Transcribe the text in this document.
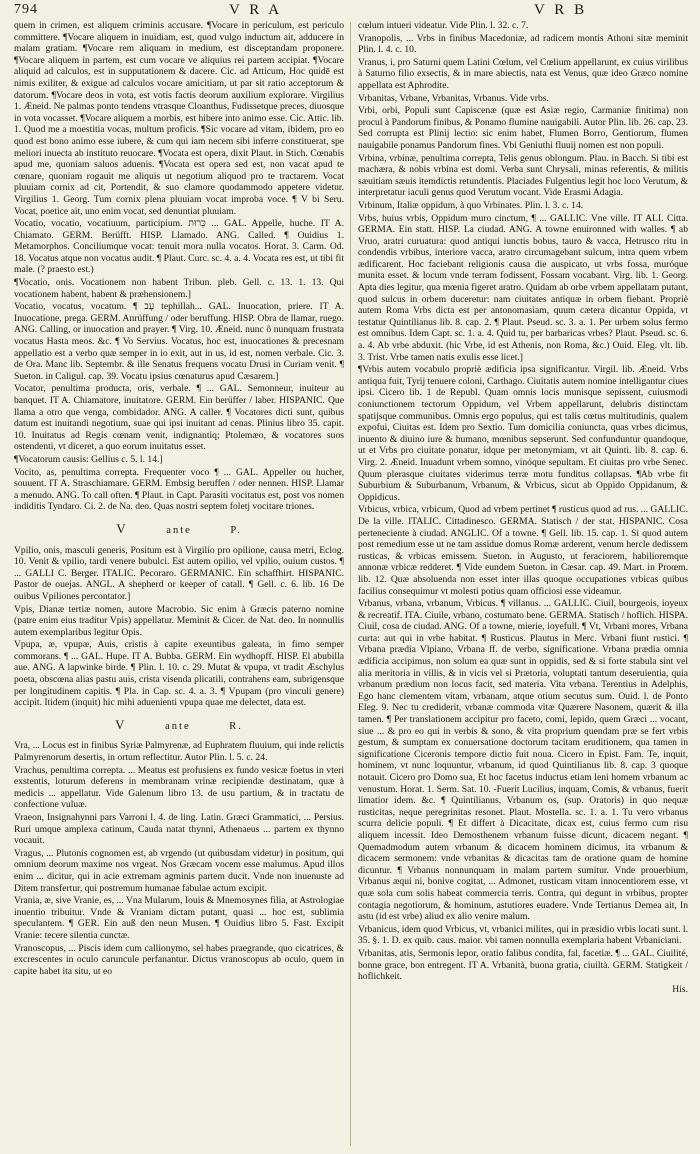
794	V R A	V R B

quem in crimen, est aliquem criminis accusare. ¶Vocare in periculum, est periculo committere. ¶Vocare aliquem in inuidiam, est, quod vulgo inductum ait, adducere in malam gratiam. ¶Vocare rem aliquam in medium, est disceptandam proponere. ¶Vocare aliquem in partem, est cum vocare ve aliquius rei partem accipiat. ¶Vocare aliquid ad calculos, est in supputationem & dacere. Cic. ad Atticum, Hoc quidē est nimis exiliter, & exigue ad calculos vocare amicitiam, ut par sit ratio acceptorum & datorum. ¶Vocare deos in vota, est votis factis deorum auxilium explorare. Virgilius 1. Æneid. Ne palmas ponto tendens vtrasque Cloanthus, Fudissetque preces, diuosque in vota vocasset. ¶Vocare aliquem a morbis, est hibere into animo esse. Cic. Attic. lib. 1. Quod me a moestitia vocas, multum proficis. ¶Sic vocare ad vitam, ibidem, pro eo quod est bono animo esse iubere, & cum qui iam necem sibi inferre constituerat, spe meliori inuecta ab instituto reuocare. ¶Vocata est opera, dixit Plaut. in Stich. Cœnabis apud me, quoniam saluos aduenis. ¶Vocata est opera sed est, non vacat apud te cœnare, quoniam rogauit me aliquis ut negotium aliquod pro te tractarem. Vocat pluuiam cornix ad cit, Portendit, & suo clamore quodammodo appetere videtur. Virgilius 1. Georg. Tum cornix plena pluuiam vocat improba voce. ¶ V bi Seru. Vocat, poetice ait, uno enim vocat, sed denuntiat pluuiam.

Vocatio, vocatio, vocatiuum, participium. כְּרוּת ... GAL. Appelle, huche. IT A. Chiamato. GERM. Berüfft. HISP. Llamado. ANG. Called. ¶ Ouidius 1. Metamorphos. Conciliumque vocat: tenuit mora nulla vocatos. Horat. 3. Carm. Od. 18. Vocatus atque non vocatus audit. ¶ Plaut. Curc. sc. 4. a. 4. Vocata res est, ut tibi fit male. (? praesto est.)

¶Vocatio, onis. Vocationem non habent Tribun. pleb. Gell. c. 13. 1. 13. Qui vocationem habent, habent & præhensionem.]

Vocatio, vocatus, vocatum. ¶ עֶב tephillah... GAL. Inuocation, priere. IT A. Inuocatione, prega. GERM. Anrüffung / oder beruffung. HISP. Obra de llamar, ruego. ANG. Calling, or inuocation and prayer. ¶ Virg. 10. Æneid. nunc ô nunquam frustrata vocatus Hasta meos. &c. ¶ Vo Servius. Vocatus, hoc est, inuocationes & precesnam appellatio est a verbo quæ semper in io exit, aut in us, id est, nomen verbale. Cic. 3. de Ora. Manc lib. Septembr. & ille Senatus frequens vocatu Drusi in Curiam venit. ¶ Sueton. in Caligul. cap. 39. Vocatu ipsius cœnaturus apud Cæsarem.]

Vocator, penultima producta, oris, verbale. ¶ ... GAL. Semonneur, inuiteur au banquet. IT A. Chiamatore, inuitatore. GERM. Ein berüffer / laber. HISPANIC. Que llama a otro que venga, combidador. ANG. A caller. ¶ Vocatores dicti sunt, quibus datum est inuitandi negotium, suae qui ipsi inuitant ad cenas. Plinius libro 35. capit. 10. Inuitatus ad Regis cœnam venit, indignantiq; Ptolemæo, & vocatores suos ostendenti, vt diceret, a quo eorum inuitatus esset.

¶Vocatorum causis: Gellius c. 5. l. 14.]

Vocito, as, penultima correpta. Frequenter voco ¶ ... GAL. Appeller ou hucher, souuent. IT A. Straschiamare. GERM. Embsig beruffen / oder nennen. HISP. Llamar a menudo. ANG. To call often. ¶ Plaut. in Capt. Parasiti vocitatus est, post vos nomen indiditis Tyndaro. Ci. 2. de Na. deo. Quas nostri septem foletj vocitare triones.

V	ante	P.

Vpilio, onis, masculi generis, Positum est à Virgilio pro opilione, causa metri, Eclog. 10. Venit & vpilio, tardi venere bubulci. Est autem opilio, vel vpilio, ouium custos. ¶ ... GALLI C. Berger. ITALIC. Pecoraro. GERMANIC. Ein schaffhirt. HISPANIC. Pastor de ouejas. ANGL. A shepherd or keeper of catall. ¶ Gell. c. 6. lib. 16 De ouibus Vpiliones percontator.]

Vpis, Dianæ tertiæ nomen, autore Macrobio. Sic enim à Græcis paterno nomine (patre enim eius traditur Vpis) appellatur. Meminit & Cicer. de Nat. deo. In nonnullis autem exemplaribus legitur Opis.

Vpupa, æ, vpupæ, Auis, cristis à capite exeuntibus galeata, in fimo semper commorans. ¶ ... GAL. Hupe. IT A. Bubba. GERM. Ein wydhopff. HISP. El abubilla aue. ANG. A lapwinke birde. ¶ Plin. l. 10. c. 29. Mutat & vpupa, vt tradit Æschylus poeta, obscœna alias pastu auis, crista visenda plicatili, contrahens eam, subrigensque per longitudinem capitis. ¶ Pla. in Cap. sc. 4. a. 3. ¶ Vpupam (pro vinculi genere) accipit. Itidem (inquit) hic mihi aduenienti vpupa quae me delectet, data est.

V	ante	R.

Vra, ... Locus est in finibus Syriæ Palmyrenæ, ad Euphratem fluuium, qui inde relictis Palmyrenorum desertis, in ortum reflectitur. Autor Plin. l. 5. c. 24.

Vrachus, penultima correpta. ... Meatus est profusiens ex fundo vesicæ foetus in vteri exstentis, loturum deferens in membranam vrinæ recipiendæ destinatam, quæ à medicis ... appellatur. Vide Galenum libro 13. de usu partium, & in tractatu de confectione vuluæ.

Vraeon, Insignahynni pars Varroni l. 4. de ling. Latin. Græci Grammatici, ... Persius. Ruri umque amplexa catinum, Cauda natat thynni, Athenaeus ... partem ex thynno vocauit.

Vragus, ... Plutonis cognomen est, ab vrgendo (ut quibusdam videtur) in positum, qui omnium deorum maxime nos vrgeat. Nos Græcam vocem esse malumus. Apud illos enim ... dicitur, qui in acie extremam agminis partem ducit. Vnde non inuenuste ad Ditem transfertur, qui postremum humanae fabulae actum excipit.

Vrania, æ, sive Vranie, es, ... Vna Mularum, Iouis & Mnemosynes filia, at Astrologiae inuentio tribuitur. Vnde & Vraniam dictam putant, quasi ... hoc est, sublimia speculantem. ¶ GER. Ein auß den neun Musen. ¶ Ouidius libro 5. Fast. Excipit Vranie: tecere silentia cunctæ.

Vranoscopus, ... Piscis idem cum callionymo, sel habes praegrande, quo cicatrices, & excrescentes in oculo caruncule perfanantur. Dictus vranoscopus ab oculo, quem in capite habet ita situ, ut eo

cœlum intueri videatur. Vide Plin. l. 32. c. 7.

Vranopolis, ... Vrbs in finibus Macedoniæ, ad radicem montis Athoni sitæ meminit Plin. l. 4. c. 10.

Vranus, i, pro Saturni quem Latini Cœlum, vel Cœlium appellarunt, ex cuius virilibus à Saturno filio exsectis, & in mare abiectis, nata est Venus, quæ ideo Græco nomine appellata est Aphrodite.

Vrbanitas, Vrbane, Vrbanitas, Vrbanus. Vide vrbs.

Vrbi, orbi, Populi sunt Capiscenæ (quæ est Asiæ regio, Carmaniæ finitima) non procul à Pandorum finibus, & Ponamo flumine nauigabili. Autor Plin. lib. 26. cap. 23. Sed corrupta est Plinij lectio: sic enim habet, Flumen Borro, Gentiorum, flumen nauigabile ponamus Pandorum fines. Vbi Geniuthi fluuij nomen est non populi.

Vrbina, vrbinæ, penultima correpta, Telis genus oblongum. Plau. in Bacch. Si tibi est machæra, & nobis vrbina est domi. Verba sunt Chrysali, minas referentis, & militis sæuitiam sæuis itemdictis retundentis. Placiades Fulgentius legit hoc loco Verutum, & interpretatur iaculi genus quod Verutum vocant. Vide Erasmi Adagia.

Vrbinum, Italiæ oppidum, à quo Vrbinates. Plin. l. 3. c. 14.

Vrbs, huius vrbis, Oppidum muro cinctum, ¶ ... GALLIC. Vne ville. IT ALI. Citta. GERMA. Ein statt. HISP. La ciudad. ANG. A towne enuironned with walles. ¶ ab Vruo, aratri curuatura: quod antiqui iunctis bobus, tauro & vacca, Hetrusco ritu in condendis vrbibus, interiore vacca, aratro circumagebant sulcum, intra quem vrbem ædificarent. Hoc faciebant religionis causa die auspicato, ut vrbs fossa, muróque munita esset. & locum vnde terram fodissent, Fossam vocabant. Virg. lib. 1. Georg. Apta dies legitur, qua mœnia figeret aratro. Quidam ab orbe vrbem appellatam putant, quod sulcus in orbem duceretur: nam ciuitates antiquæ in orbem fiebant. Propriè autem Roma Vrbs dicta est per antonomasiam, quum cætera dicantur Oppida, vt testatur Quintilianus lib. 8. cap. 2. ¶ Plaut. Pseud. sc. 3. a. 1. Per urbem solus fermo est omnibus. Idem Capt. sc. 1. a. 4. Quid tu, per barbaricas vrbes? Plaut. Pseud. sc. 6. a. 4. Ab vrbe abduxit. (hic Vrbe, id est Athenis, non Roma, &c.) Ouid. Eleg. vlt. lib. 3. Trist. Vrbe tamen natis exulis esse licet.]

¶Vrbis autem vocabulo propriè ædificia ipsa significantur. Virgil. lib. Æneid. Vrbs antiqua fuit, Tyrij tenuere coloni, Carthago. Ciuitatis autem nomine intelligantur ciues ipsi. Cicero lib. 1 de Republ. Quam omnis locis munisque sepissent, cuiusmodi coniunctionem tectorum Oppidum, vel Vrbem appellarunt, delubris distinctam spatijsque communibus. Omnis ergo populus, qui est talis cœtus multitudinis, qualem expofui, Ciuitas est. Idem pro Sextio. Tum domicilia coniuncta, quas vrbes dicimus, inuento & diuino iure & humano, mœnibus sepserunt. Sed confunduntur quandoque, ut et Vrbs pro ciuitate ponatur, idque per metonymiam, vt ait Quinti. lib. 8. cap. 6. Virg. 2. Æneid. Inuadunt vrbem somno, vinóque sepultam. Et ciuitas pro vrbe Senec. Quum plerasque ciuitates viderimus terræ motu funditus collapsas. ¶Ab vrbe fit Suburbium & Suburbanum, Vrbanum, & Vrbicus, sicut ab Oppido Oppidanum, & Oppidicus.

Vrbicus, vrbica, vrbicum, Quod ad vrbem pertinet ¶ rusticus quod ad rus. ... GALLIC. De la ville. ITALIC. Cittadinesco. GERMA. Statisch / der stat. HISPANIC. Cosa perteneciente à ciudad. ANGLIC. Of a towne. ¶ Gell. lib. 15. cap. 1. Si quod autem post remedium esse ut ne tam assidue domus Romæ arderent, venum hercle dedissem rusticas, & vrbicas emissem. Sueton. in Augusto, ut feraciorem, habilioremque annonæ vrbicæ redderet. ¶ Vide eundem Sueton. in Cæsar. cap. 49. Mart. in Proœm. lib. 12. Quæ absoluenda non esset inter illas quoque occupationes vrbicas quibus facilius consequimur vt molesti potius quam officiosi esse videamur.

Vrbanus, vrbana, vrbanum, Vrbicus. ¶ villanus. ... GALLIC. Ciuil, bourgeois, ioyeux & recreatif. ITA. Ciuile, vrbano, costumato bene. GERMA. Statisch / hoflich. HISPA. Ciuil, cosa de ciudad. ANG. Of a towne, mierie, ioyefull. ¶ Vt, Vrbani mores, Vrbana curta: aut qui in vrbe habitat. ¶ Rusticus. Plautus in Merc. Vrbani fiunt rustici. ¶ Vrbana prædia Vlpiano, Vrbana ff. de verbo, significatione. Vrbana prædia omnia ædificia accipimus, non solum ea quæ sunt in oppidis, sed & si forte stabula sint vel alia meritoria in villis, & in vicis vel si Prætoria, voluptati tantum deseruientia, quia vrbanum prædium non locus facit, sed materia. Vita vrbana. Terentius in Adelphis, Ego hanc clementem vitam, vrbanam, atque otium secutus sum. Ouid. l. de Ponto Eleg. 9. Nec tu crediderit, vrbanæ commoda vitæ Quærere Nasonem, quærit & illa tamen. ¶ Per translationem accipitur pro faceto, comi, lepido, quem Græci ... vocant, siue ... & pro eo qui in verbis & sono, & vita proprium quendam præ se fert vrbis gestum, & sumptam ex conuersatione doctorum tacitam eruditionem, qua tamen in significatione Ciceronis tempore dictio fuit noua. Cicero in Epist. Fam. Te, inquit, hominem, vt nunc loquuntur, vrbanum, id quod Quintilianus lib. 8. cap. 3 quoque notauit. Cicero pro Domo sua, Et hoc facetus inductus etiam leni homem vrbanum ac venustum. Horat. 1. Serm. Sat. 10. -Fuerit Lucilius, inquam, Comis, & vrbanus, fuerit limatior idem. &c. ¶ Quintilianus, Vrbanum os, (sup. Oratoris) in quo nequæ rusticitas, neque peregrinitas resonet. Plaut. Mostella. sc. 1. a. 1. Tu vero vrbanus scurra delicie populi. ¶ Et differt à Dicacitate, dicax est, cuius fermo cum risu aliquem incessit. Ideo Demosthenem vrbanum fuisse dicunt, dicacem negant. ¶ Quemadmodum autem vrbanum & dicacem hominem dicimus, ita vrbanum & dicacem sermonem: vnde vrbanitas & dicacitas tam de oratione quam de homine dicuntur. ¶ Vrbanus nonnunquam in malam partem sumitur. Vnde prouerbium, Vrbanus æqui ni, bonive cogitat, ... Admonet, rusticam vitam innocentiorem esse, vt quæ sola cum solis habeat commercia terris. Contra, qui degunt in vrbibus, propter contagia negotiorum, & hominum, astutiores euadere. Vnde Tertianus Demea ait, In astu (id est vrbe) aliud ex alio venire malum.

Vrbanicus, idem quod Vrbicus, vt, vrbanici milites, qui in præsidio vrbis locati sunt. l. 35. §. 1. D. ex quib. caus. maior. vbi tamen nonnulla exemplaria habent Vrbaniciani.

Vrbanitas, atis, Sermonis lepor, oratio falibus condita, fal, facetiæ. ¶ ... GAL. Ciuilité, bonne grace, bon entregent. IT A. Vrbanità, buona gratia, ciuiltà. GERM. Statigkeit / hoflichkeit.

His.
